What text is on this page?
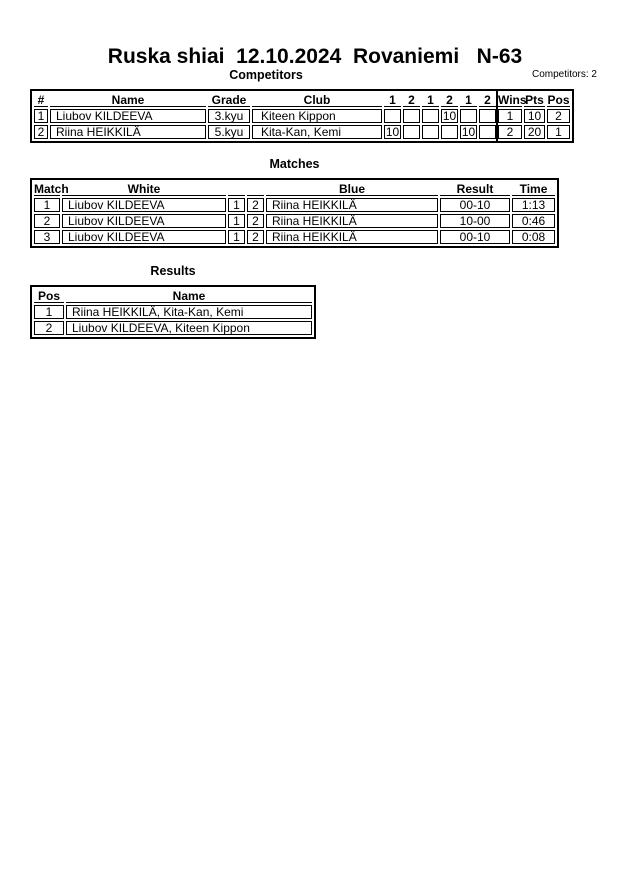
Ruska shiai  12.10.2024  Rovaniemi   N-63
Competitors	Competitors: 2
#	Name	Grade	Club	1	2	1	2	1	2	Wins	Pts	Pos
1	Liubov KILDEEVA	3.kyu	Kiteen Kippon				10			1	10	2
2	Riina HEIKKILÄ	5.kyu	Kita-Kan, Kemi	10				10		2	20	1
Matches
Match	White			Blue	Result	Time
1	Liubov KILDEEVA	1	2	Riina HEIKKILÄ	00-10	1:13
2	Liubov KILDEEVA	1	2	Riina HEIKKILÄ	10-00	0:46
3	Liubov KILDEEVA	1	2	Riina HEIKKILÄ	00-10	0:08
Results
Pos	Name
1	Riina HEIKKILÄ, Kita-Kan, Kemi
2	Liubov KILDEEVA, Kiteen Kippon
